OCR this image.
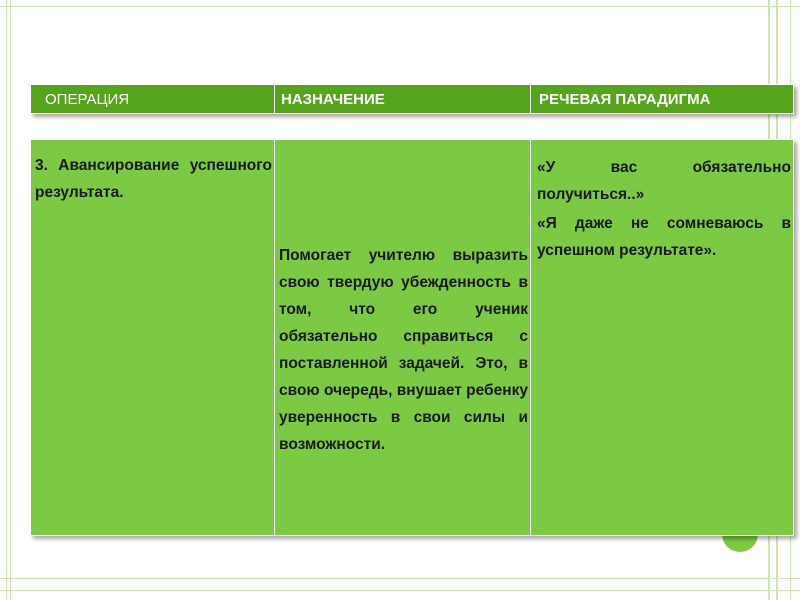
ОПЕРАЦИЯ	НАЗНАЧЕНИЕ	РЕЧЕВАЯ ПАРАДИГМА
3. Авансирование успешного результата.
Помогает учителю выразить свою твердую убежденность в том, что его ученик обязательно справиться с поставленной задачей. Это, в свою очередь, внушает ребенку уверенность в свои силы и возможности.

«У вас обязательно получиться..»

«Я даже не сомневаюсь в успешном результате».
